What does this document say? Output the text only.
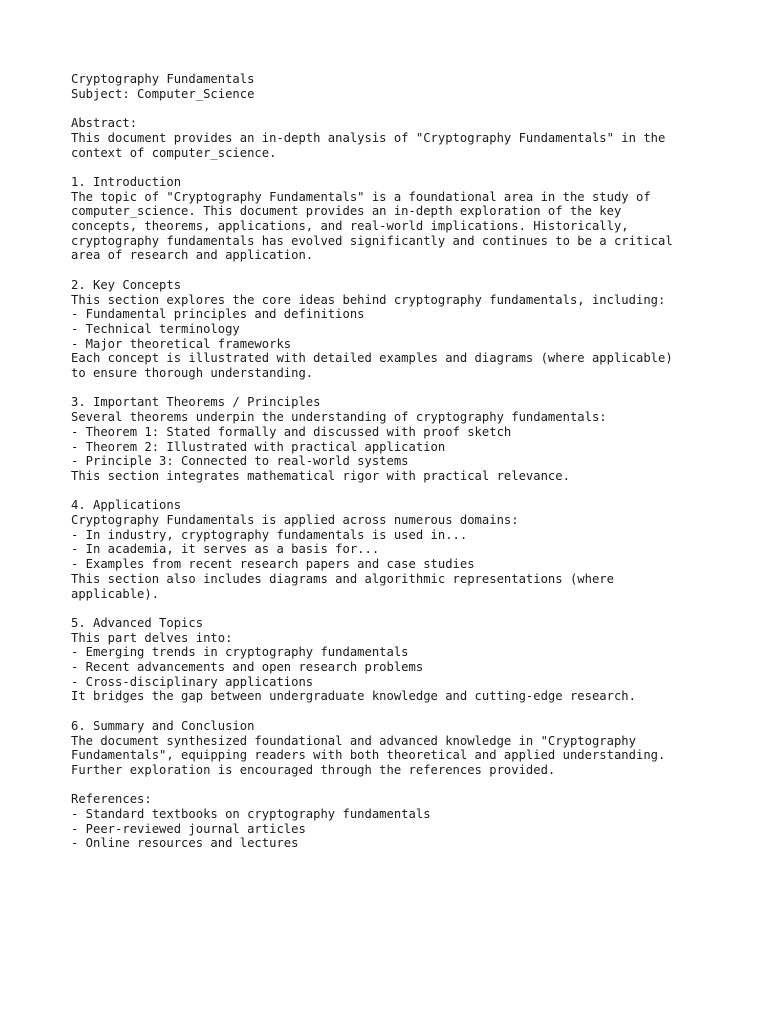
Cryptography Fundamentals
Subject: Computer_Science
Abstract:
This document provides an in-depth analysis of "Cryptography Fundamentals" in the
context of computer_science.
1. Introduction
The topic of "Cryptography Fundamentals" is a foundational area in the study of
computer_science. This document provides an in-depth exploration of the key
concepts, theorems, applications, and real-world implications. Historically,
cryptography fundamentals has evolved significantly and continues to be a critical
area of research and application.
2. Key Concepts
This section explores the core ideas behind cryptography fundamentals, including:
- Fundamental principles and definitions
- Technical terminology
- Major theoretical frameworks
Each concept is illustrated with detailed examples and diagrams (where applicable)
to ensure thorough understanding.
3. Important Theorems / Principles
Several theorems underpin the understanding of cryptography fundamentals:
- Theorem 1: Stated formally and discussed with proof sketch
- Theorem 2: Illustrated with practical application
- Principle 3: Connected to real-world systems
This section integrates mathematical rigor with practical relevance.
4. Applications
Cryptography Fundamentals is applied across numerous domains:
- In industry, cryptography fundamentals is used in...
- In academia, it serves as a basis for...
- Examples from recent research papers and case studies
This section also includes diagrams and algorithmic representations (where
applicable).
5. Advanced Topics
This part delves into:
- Emerging trends in cryptography fundamentals
- Recent advancements and open research problems
- Cross-disciplinary applications
It bridges the gap between undergraduate knowledge and cutting-edge research.
6. Summary and Conclusion
The document synthesized foundational and advanced knowledge in "Cryptography
Fundamentals", equipping readers with both theoretical and applied understanding.
Further exploration is encouraged through the references provided.
References:
- Standard textbooks on cryptography fundamentals
- Peer-reviewed journal articles
- Online resources and lectures
